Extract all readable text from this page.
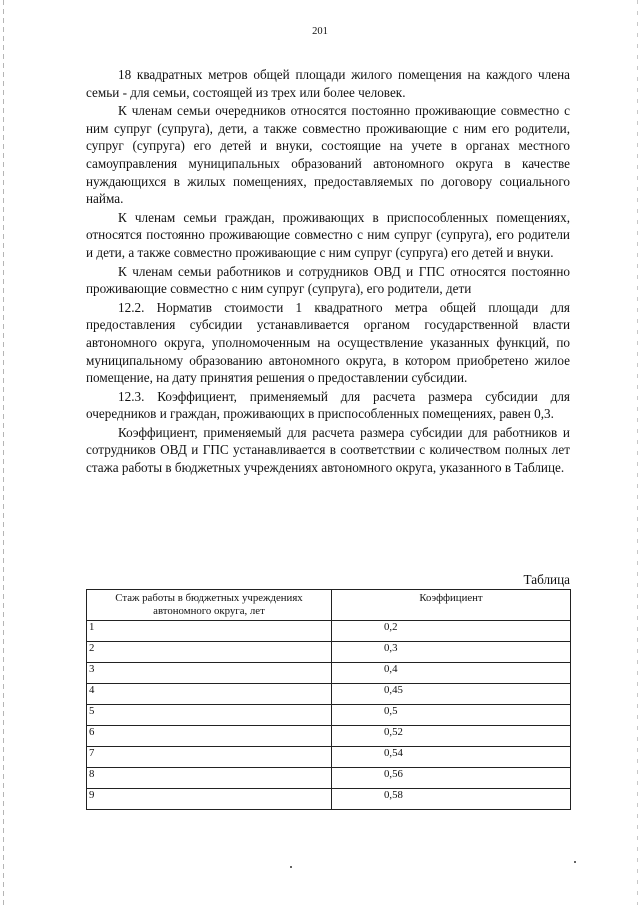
201

18 квадратных метров общей площади жилого помещения на каждого члена семьи - для семьи, состоящей из трех или более человек.

К членам семьи очередников относятся постоянно проживающие совместно с ним супруг (супруга), дети, а также совместно проживающие с ним его родители, супруг (супруга) его детей и внуки, состоящие на учете в органах местного самоуправления муниципальных образований автономного округа в качестве нуждающихся в жилых помещениях, предоставляемых по договору социального найма.

К членам семьи граждан, проживающих в приспособленных помещениях, относятся постоянно проживающие совместно с ним супруг (супруга), его родители и дети, а также совместно проживающие с ним супруг (супруга) его детей и внуки.

К членам семьи работников и сотрудников ОВД и ГПС относятся постоянно проживающие совместно с ним супруг (супруга), его родители, дети

12.2. Норматив стоимости 1 квадратного метра общей площади для предоставления субсидии устанавливается органом государственной власти автономного округа, уполномоченным на осуществление указанных функций, по муниципальному образованию автономного округа, в котором приобретено жилое помещение, на дату принятия решения о предоставлении субсидии.

12.3. Коэффициент, применяемый для расчета размера субсидии для очередников и граждан, проживающих в приспособленных помещениях, равен 0,3.

Коэффициент, применяемый для расчета размера субсидии для работников и сотрудников ОВД и ГПС устанавливается в соответствии с количеством полных лет стажа работы в бюджетных учреждениях автономного округа, указанного в Таблице.

Таблица
Стаж работы в бюджетных учреждениях автономного округа, лет	Коэффициент
1	0,2
2	0,3
3	0,4
4	0,45
5	0,5
6	0,52
7	0,54
8	0,56
9	0,58
